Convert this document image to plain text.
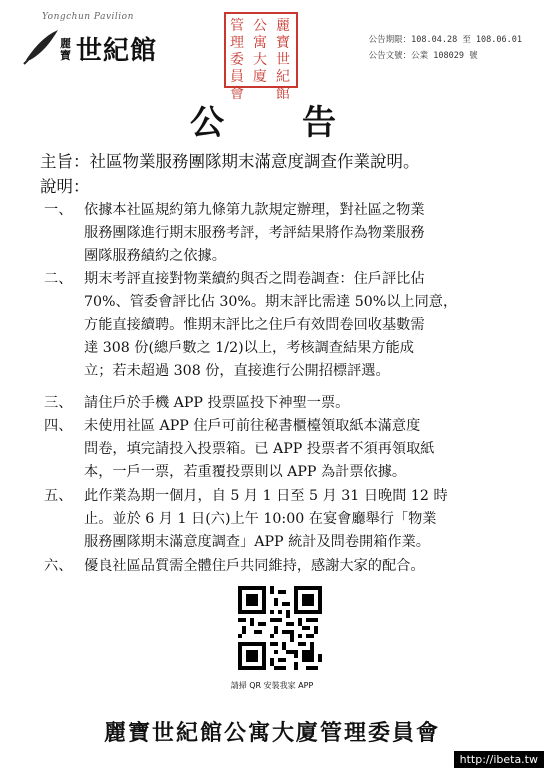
Yongchun Pavilion
麗寶 世紀館
麗寶世紀館
公寓大廈
管理委員會
公告期限：108.04.28 至 108.06.01
公告文號：公業 108029 號
公 告
主旨：社區物業服務團隊期末滿意度調查作業說明。
說明：
一、 依據本社區規約第九條第九款規定辦理，對社區之物業
服務團隊進行期末服務考評，考評結果將作為物業服務
團隊服務績約之依據。
二、 期末考評直接對物業續約與否之問卷調查：住戶評比佔
70%、管委會評比佔 30%。期末評比需達 50%以上同意，
方能直接續聘。惟期末評比之住戶有效問卷回收基數需
達 308 份(總戶數之 1/2)以上，考核調查結果方能成
立；若未超過 308 份，直接進行公開招標評選。
三、 請住戶於手機 APP 投票區投下神聖一票。
四、 未使用社區 APP 住戶可前往秘書櫃檯領取紙本滿意度
問卷，填完請投入投票箱。已 APP 投票者不須再領取紙
本，一戶一票，若重覆投票則以 APP 為計票依據。
五、 此作業為期一個月，自 5 月 1 日至 5 月 31 日晚間 12 時
止。並於 6 月 1 日(六)上午 10:00 在宴會廳舉行「物業
服務團隊期末滿意度調查」APP 統計及問卷開箱作業。
六、 優良社區品質需全體住戶共同維持，感謝大家的配合。
請掃 QR 安裝我家 APP
麗寶世紀館公寓大廈管理委員會
http://ibeta.tw
